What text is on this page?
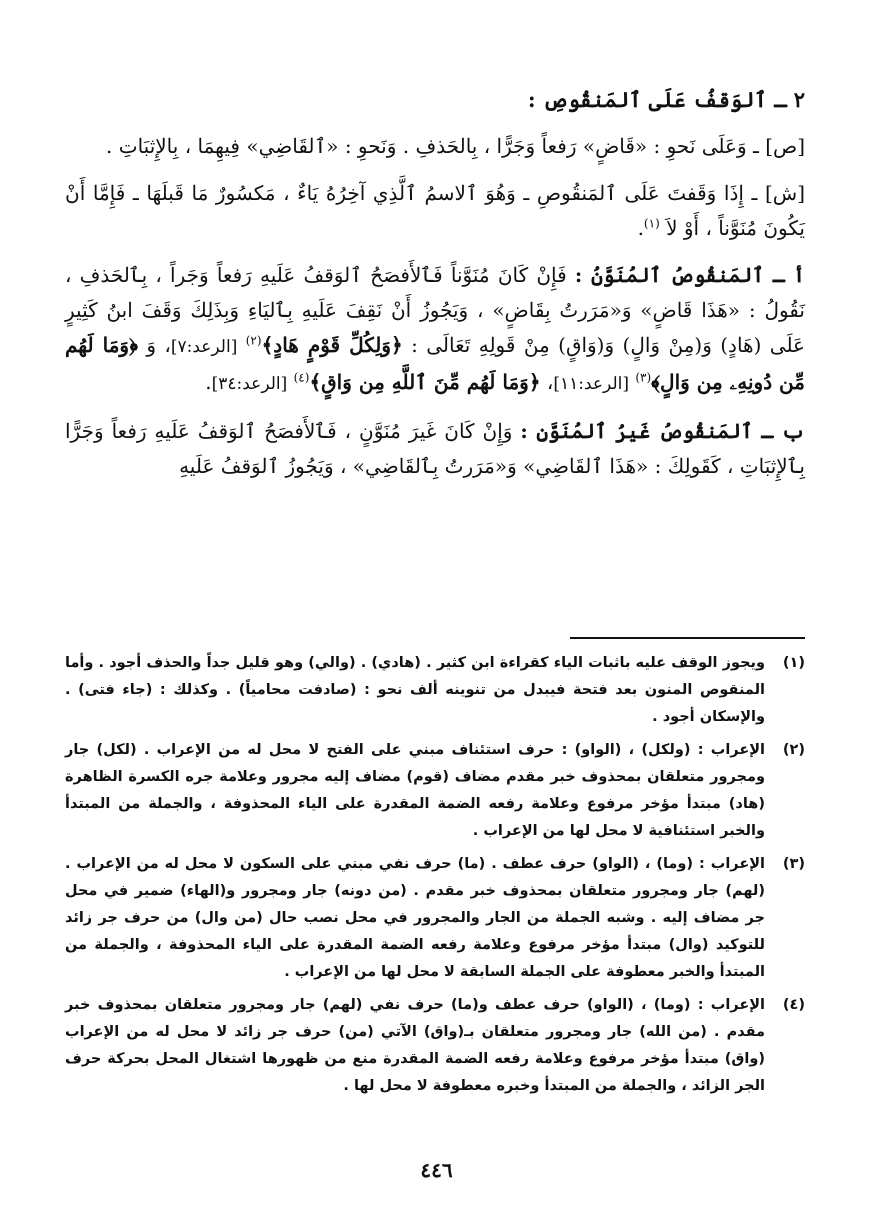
٢ ـ ٱلوَقفُ عَلَى ٱلمَنقُوصِ :

[ص] ـ وَعَلَى نَحوِ : «قَاضٍ» رَفعاً وَجَرًّا ، بِالحَذفِ . وَنَحوِ : «ٱلقَاضِي» فِيهِمَا ، بِالإِثبَاتِ .

[ش] ـ إِذَا وَقَفتَ عَلَى ٱلمَنقُوصِ ـ وَهُوَ ٱلاسمُ ٱلَّذِي آخِرُهُ يَاءٌ ، مَكسُورٌ مَا قَبلَهَا ـ فَإِمَّا أَنْ يَكُونَ مُنَوَّناً ، أَوْ لاَ $^{(١)}$.

أ ـ ٱلمَنقُوصُ ٱلمُنَوَّنُ : فَإِنْ كَانَ مُنَوَّناً فَٱلأَفصَحُ ٱلوَقفُ عَلَيهِ رَفعاً وَجَراً ، بِٱلحَذفِ ، نَقُولُ : «هَذَا قَاضٍ» وَ«مَرَرتُ بِقَاضٍ» ، وَيَجُوزُ أَنْ نَقِفَ عَلَيهِ بِٱليَاءِ وَبِذَلِكَ وَقَفَ ابنُ كَثِيرٍ عَلَى (هَادٍ) وَ(مِنْ وَالٍ) وَ(وَاقٍ) مِنْ قَولِهِ تَعَالَى : ﴿وَلِكُلِّ قَوْمٍ هَادٍ﴾$^{(٢)}$ [الرعد:٧]، وَ ﴿وَمَا لَهُم مِّن دُونِهِۦ مِن وَالٍ﴾$^{(٣)}$ [الرعد:١١]، ﴿وَمَا لَهُم مِّنَ ٱللَّهِ مِن وَاقٍ﴾$^{(٤)}$ [الرعد:٣٤].

ب ـ ٱلمَنقُوصُ غَيرُ ٱلمُنَوَّنِ : وَإِنْ كَانَ غَيرَ مُنَوَّنٍ ، فَٱلأَفصَحُ ٱلوَقفُ عَلَيهِ رَفعاً وَجَرًّا بِٱلإِثبَاتِ ، كَقَولِكَ : «هَذَا ٱلقَاضِي» وَ«مَرَرتُ بِٱلقَاضِي» ، وَيَجُوزُ ٱلوَقفُ عَلَيهِ

(١)
ويجوز الوقف عليه باثبات الياء كقراءة ابن كثير . (هادي) . (والي) وهو قليل جداً والحذف أجود . وأما المنقوص المنون بعد فتحة فيبدل من تنوينه ألف نحو : (صادفت محامياً) . وكذلك : (جاء فتى) . والإسكان أجود .
(٢)
الإعراب : (ولكل) ، (الواو) : حرف استئناف مبني على الفتح لا محل له من الإعراب . (لكل) جار ومجرور متعلقان بمحذوف خبر مقدم مضاف (قوم) مضاف إليه مجرور وعلامة جره الكسرة الظاهرة (هاد) مبتدأ مؤخر مرفوع وعلامة رفعه الضمة المقدرة على الياء المحذوفة ، والجملة من المبتدأ والخبر استئنافية لا محل لها من الإعراب .
(٣)
الإعراب : (وما) ، (الواو) حرف عطف . (ما) حرف نفي مبني على السكون لا محل له من الإعراب . (لهم) جار ومجرور متعلقان بمحذوف خبر مقدم . (من دونه) جار ومجرور و(الهاء) ضمير في محل جر مضاف إليه . وشبه الجملة من الجار والمجرور في محل نصب حال (من وال) من حرف جر زائد للتوكيد (وال) مبتدأ مؤخر مرفوع وعلامة رفعه الضمة المقدرة على الياء المحذوفة ، والجملة من المبتدأ والخبر معطوفة على الجملة السابقة لا محل لها من الإعراب .
(٤)
الإعراب : (وما) ، (الواو) حرف عطف و(ما) حرف نفي (لهم) جار ومجرور متعلقان بمحذوف خبر مقدم . (من الله) جار ومجرور متعلقان بـ(واق) الآتي (من) حرف جر زائد لا محل له من الإعراب (واق) مبتدأ مؤخر مرفوع وعلامة رفعه الضمة المقدرة منع من ظهورها اشتغال المحل بحركة حرف الجر الزائد ، والجملة من المبتدأ وخبره معطوفة لا محل لها .
٤٤٦
